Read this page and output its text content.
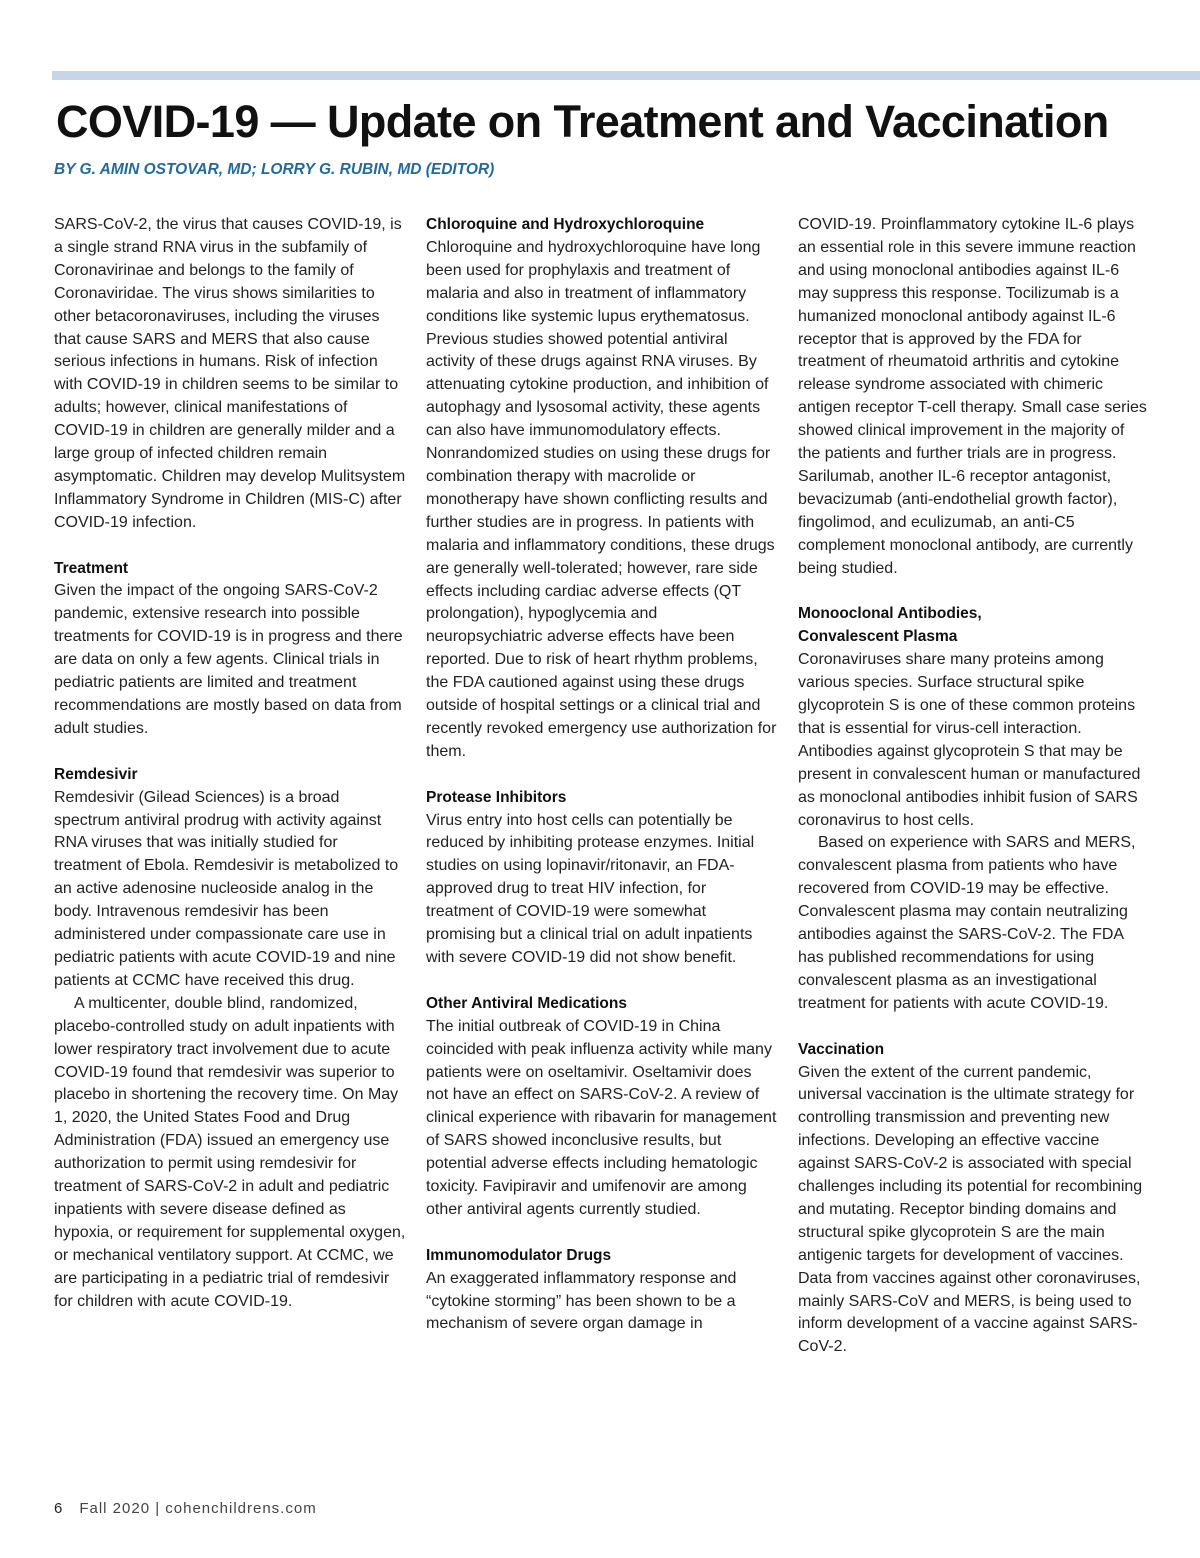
COVID-19 — Update on Treatment and Vaccination

BY G. AMIN OSTOVAR, MD; LORRY G. RUBIN, MD (EDITOR)

SARS-CoV-2, the virus that causes COVID-19, is a single strand RNA virus in the subfamily of Coronavirinae and belongs to the family of Coronaviridae. The virus shows similarities to other betacoronaviruses, including the viruses that cause SARS and MERS that also cause serious infections in humans. Risk of infection with COVID-19 in children seems to be similar to adults; however, clinical manifestations of COVID-19 in children are generally milder and a large group of infected children remain asymptomatic. Children may develop Mulitsystem Inflammatory Syndrome in Children (MIS-C) after COVID-19 infection.

Treatment

Given the impact of the ongoing SARS-CoV-2 pandemic, extensive research into possible treatments for COVID-19 is in progress and there are data on only a few agents. Clinical trials in pediatric patients are limited and treatment recommendations are mostly based on data from adult studies.

Remdesivir

Remdesivir (Gilead Sciences) is a broad spectrum antiviral prodrug with activity against RNA viruses that was initially studied for treatment of Ebola. Remdesivir is metabolized to an active adenosine nucleoside analog in the body. Intravenous remdesivir has been administered under compassionate care use in pediatric patients with acute COVID-19 and nine patients at CCMC have received this drug.

A multicenter, double blind, randomized, placebo-controlled study on adult inpatients with lower respiratory tract involvement due to acute COVID-19 found that remdesivir was superior to placebo in shortening the recovery time. On May 1, 2020, the United States Food and Drug Administration (FDA) issued an emergency use authorization to permit using remdesivir for treatment of SARS-CoV-2 in adult and pediatric inpatients with severe disease defined as hypoxia, or requirement for supplemental oxygen, or mechanical ventilatory support. At CCMC, we are participating in a pediatric trial of remdesivir for children with acute COVID-19.

Chloroquine and Hydroxychloroquine

Chloroquine and hydroxychloroquine have long been used for prophylaxis and treatment of malaria and also in treatment of inflammatory conditions like systemic lupus erythematosus. Previous studies showed potential antiviral activity of these drugs against RNA viruses. By attenuating cytokine production, and inhibition of autophagy and lysosomal activity, these agents can also have immunomodulatory effects. Nonrandomized studies on using these drugs for combination therapy with macrolide or monotherapy have shown conflicting results and further studies are in progress. In patients with malaria and inflammatory conditions, these drugs are generally well-tolerated; however, rare side effects including cardiac adverse effects (QT prolongation), hypoglycemia and neuropsychiatric adverse effects have been reported. Due to risk of heart rhythm problems, the FDA cautioned against using these drugs outside of hospital settings or a clinical trial and recently revoked emergency use authorization for them.

Protease Inhibitors

Virus entry into host cells can potentially be reduced by inhibiting protease enzymes. Initial studies on using lopinavir/ritonavir, an FDA-approved drug to treat HIV infection, for treatment of COVID-19 were somewhat promising but a clinical trial on adult inpatients with severe COVID-19 did not show benefit.

Other Antiviral Medications

The initial outbreak of COVID-19 in China coincided with peak influenza activity while many patients were on oseltamivir. Oseltamivir does not have an effect on SARS-CoV-2. A review of clinical experience with ribavarin for management of SARS showed inconclusive results, but potential adverse effects including hematologic toxicity. Favipiravir and umifenovir are among other antiviral agents currently studied.

Immunomodulator Drugs

An exaggerated inflammatory response and “cytokine storming” has been shown to be a mechanism of severe organ damage in

COVID-19. Proinflammatory cytokine IL-6 plays an essential role in this severe immune reaction and using monoclonal antibodies against IL-6 may suppress this response. Tocilizumab is a humanized monoclonal antibody against IL-6 receptor that is approved by the FDA for treatment of rheumatoid arthritis and cytokine release syndrome associated with chimeric antigen receptor T-cell therapy. Small case series showed clinical improvement in the majority of the patients and further trials are in progress. Sarilumab, another IL-6 receptor antagonist, bevacizumab (anti-endothelial growth factor), fingolimod, and eculizumab, an anti-C5 complement monoclonal antibody, are currently being studied.

Monooclonal Antibodies,
Convalescent Plasma

Coronaviruses share many proteins among various species. Surface structural spike glycoprotein S is one of these common proteins that is essential for virus-cell interaction. Antibodies against glycoprotein S that may be present in convalescent human or manufactured as monoclonal antibodies inhibit fusion of SARS coronavirus to host cells.

Based on experience with SARS and MERS, convalescent plasma from patients who have recovered from COVID-19 may be effective. Convalescent plasma may contain neutralizing antibodies against the SARS-CoV-2. The FDA has published recommendations for using convalescent plasma as an investigational treatment for patients with acute COVID-19.

Vaccination

Given the extent of the current pandemic, universal vaccination is the ultimate strategy for controlling transmission and preventing new infections. Developing an effective vaccine against SARS-CoV-2 is associated with special challenges including its potential for recombining and mutating. Receptor binding domains and structural spike glycoprotein S are the main antigenic targets for development of vaccines. Data from vaccines against other coronaviruses, mainly SARS-CoV and MERS, is being used to inform development of a vaccine against SARS-CoV-2.

6 Fall 2020 | cohenchildrens.com
